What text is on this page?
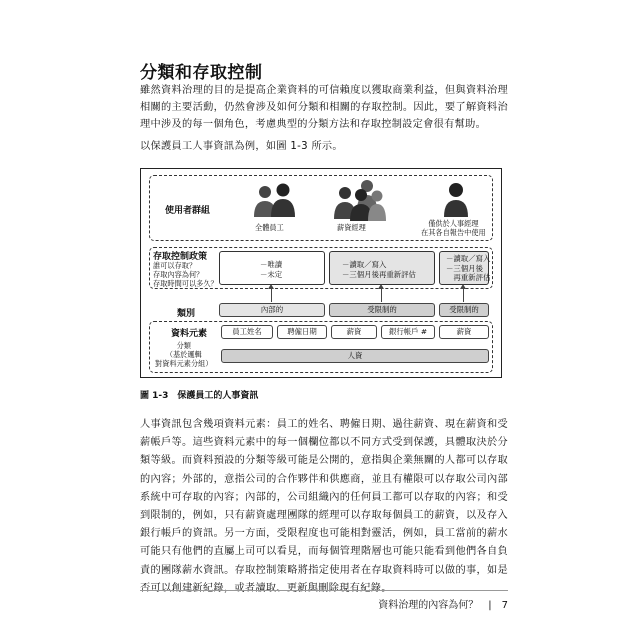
分類和存取控制
雖然資料治理的目的是提高企業資料的可信賴度以獲取商業利益，但與資料治理相關的主要活動，仍然會涉及如何分類和相關的存取控制。因此，要了解資料治理中涉及的每一個角色，考慮典型的分類方法和存取控制設定會很有幫助。
以保護員工人事資訊為例，如圖 1-3 所示。
使用者群組
全體員工	薪資經理	僅供於人事經理
在其各自報告中使用
存取控制政策
誰可以存取？
存取內容為何？
存取時間可以多久？
－唯讀
－未定
－讀取／寫入
－三個月後再重新評估
－讀取／寫入
－三個月後
　再重新評估
類別	內部的	受限制的	受限制的
資料元素	員工姓名	聘僱日期	薪資	銀行帳戶 #	薪資
分類
（基於邏輯
對資料元素分組）
人資
圖 1-3　保護員工的人事資訊
人事資訊包含幾項資料元素：員工的姓名、聘僱日期、過往薪資、現在薪資和受薪帳戶等。這些資料元素中的每一個欄位都以不同方式受到保護，具體取決於分類等級。而資料預設的分類等級可能是公開的，意指與企業無關的人都可以存取的內容；外部的，意指公司的合作夥伴和供應商，並且有權限可以存取公司內部系統中可存取的內容；內部的，公司組織內的任何員工都可以存取的內容；和受到限制的，例如，只有薪資處理團隊的經理可以存取每個員工的薪資，以及存入銀行帳戶的資訊。另一方面，受限程度也可能相對靈活，例如，員工當前的薪水可能只有他們的直屬上司可以看見，而每個管理階層也可能只能看到他們各自負責的團隊薪水資訊。存取控制策略將指定使用者在存取資料時可以做的事，如是否可以創建新紀錄，或者讀取、更新與刪除現有紀錄。
資料治理的內容為何？　|　7
